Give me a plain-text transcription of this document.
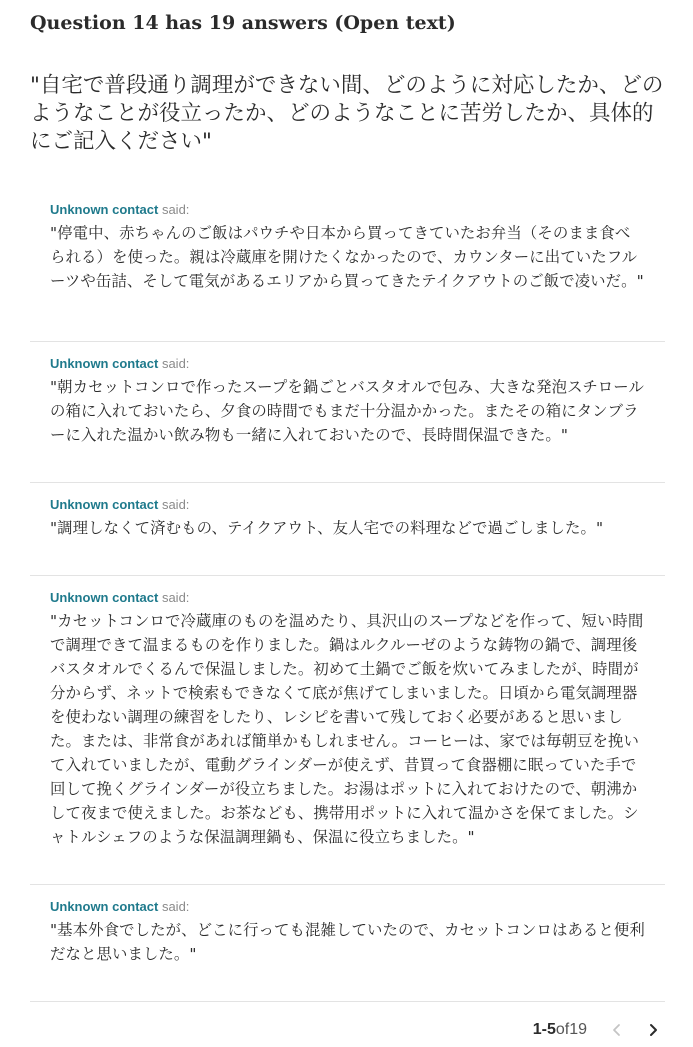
Question 14 has 19 answers (Open text)
"自宅で普段通り調理ができない間、どのように対応したか、どのようなことが役立ったか、どのようなことに苦労したか、具体的にご記入ください"
Unknown contact said:
"停電中、赤ちゃんのご飯はパウチや日本から買ってきていたお弁当（そのまま食べられる）を使った。親は冷蔵庫を開けたくなかったので、カウンターに出ていたフルーツや缶詰、そして電気があるエリアから買ってきたテイクアウトのご飯で凌いだ。"
Unknown contact said:
"朝カセットコンロで作ったスープを鍋ごとバスタオルで包み、大きな発泡スチロールの箱に入れておいたら、夕食の時間でもまだ十分温かかった。またその箱にタンブラーに入れた温かい飲み物も一緒に入れておいたので、長時間保温できた。"
Unknown contact said:
"調理しなくて済むもの、テイクアウト、友人宅での料理などで過ごしました。"
Unknown contact said:
"カセットコンロで冷蔵庫のものを温めたり、具沢山のスープなどを作って、短い時間で調理できて温まるものを作りました。鍋はルクルーゼのような鋳物の鍋で、調理後バスタオルでくるんで保温しました。初めて土鍋でご飯を炊いてみましたが、時間が分からず、ネットで検索もできなくて底が焦げてしまいました。日頃から電気調理器を使わない調理の練習をしたり、レシピを書いて残しておく必要があると思いました。または、非常食があれば簡単かもしれません。コーヒーは、家では毎朝豆を挽いて入れていましたが、電動グラインダーが使えず、昔買って食器棚に眠っていた手で回して挽くグラインダーが役立ちました。お湯はポットに入れておけたので、朝沸かして夜まで使えました。お茶なども、携帯用ポットに入れて温かさを保てました。シャトルシェフのような保温調理鍋も、保温に役立ちました。"
Unknown contact said:
"基本外食でしたが、どこに行っても混雑していたので、カセットコンロはあると便利だなと思いました。"
1-5 of 19
